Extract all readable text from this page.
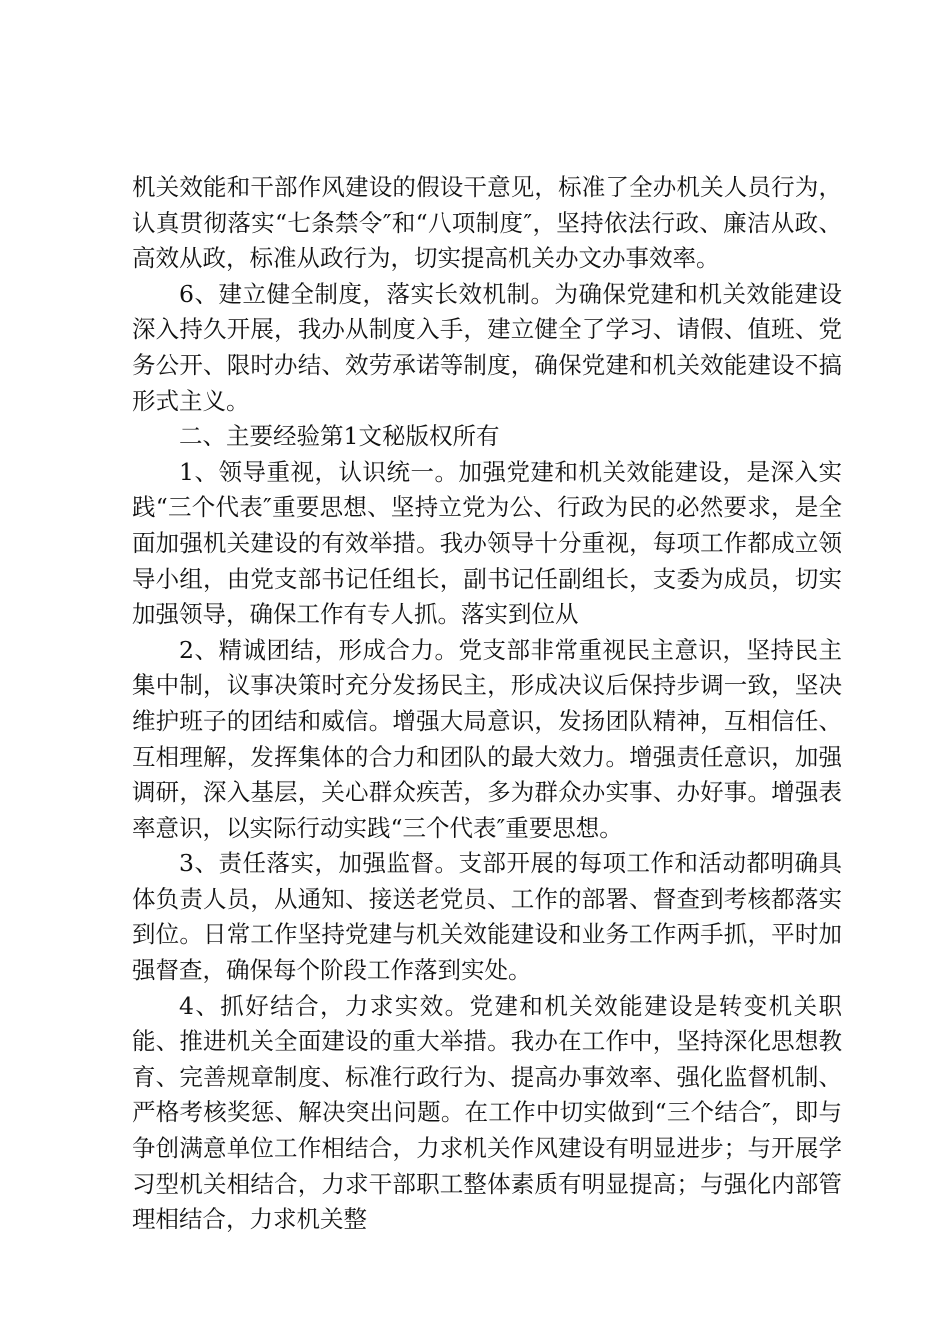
机关效能和干部作风建设的假设干意见，标准了全办机关人员行为，认真贯彻落实“七条禁令″和“八项制度″，坚持依法行政、廉洁从政、高效从政，标准从政行为，切实提高机关办文办事效率。

6、建立健全制度，落实长效机制。为确保党建和机关效能建设深入持久开展，我办从制度入手，建立健全了学习、请假、值班、党务公开、限时办结、效劳承诺等制度，确保党建和机关效能建设不搞形式主义。

二、主要经验第1文秘版权所有

1、领导重视，认识统一。加强党建和机关效能建设，是深入实践“三个代表″重要思想、坚持立党为公、行政为民的必然要求，是全面加强机关建设的有效举措。我办领导十分重视，每项工作都成立领导小组，由党支部书记任组长，副书记任副组长，支委为成员，切实加强领导，确保工作有专人抓。落实到位从

2、精诚团结，形成合力。党支部非常重视民主意识，坚持民主集中制，议事决策时充分发扬民主，形成决议后保持步调一致，坚决维护班子的团结和威信。增强大局意识，发扬团队精神，互相信任、互相理解，发挥集体的合力和团队的最大效力。增强责任意识，加强调研，深入基层，关心群众疾苦，多为群众办实事、办好事。增强表率意识，以实际行动实践“三个代表″重要思想。

3、责任落实，加强监督。支部开展的每项工作和活动都明确具体负责人员，从通知、接送老党员、工作的部署、督查到考核都落实到位。日常工作坚持党建与机关效能建设和业务工作两手抓，平时加强督查，确保每个阶段工作落到实处。

4、抓好结合，力求实效。党建和机关效能建设是转变机关职能、推进机关全面建设的重大举措。我办在工作中，坚持深化思想教育、完善规章制度、标准行政行为、提高办事效率、强化监督机制、严格考核奖惩、解决突出问题。在工作中切实做到“三个结合″，即与争创满意单位工作相结合，力求机关作风建设有明显进步；与开展学习型机关相结合，力求干部职工整体素质有明显提高；与强化内部管理相结合，力求机关整
